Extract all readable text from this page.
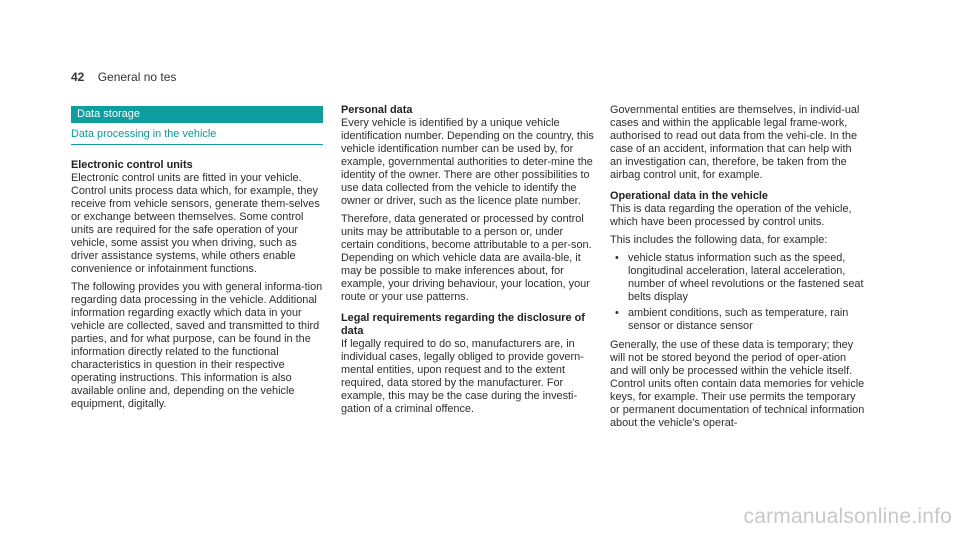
42 General no tes
Data storage
Data processing in the vehicle

Electronic control units

Electronic control units are fitted in your vehicle. Control units process data which, for example, they receive from vehicle sensors, generate them-selves or exchange between themselves. Some control units are required for the safe operation of your vehicle, some assist you when driving, such as driver assistance systems, while others enable convenience or infotainment functions.

The following provides you with general informa-tion regarding data processing in the vehicle. Additional information regarding exactly which data in your vehicle are collected, saved and transmitted to third parties, and for what purpose, can be found in the information directly related to the functional characteristics in question in their respective operating instructions. This information is also available online and, depending on the vehicle equipment, digitally.

Personal data

Every vehicle is identified by a unique vehicle identification number. Depending on the country, this vehicle identification number can be used by, for example, governmental authorities to deter-mine the identity of the owner. There are other possibilities to use data collected from the vehicle to identify the owner or driver, such as the licence plate number.

Therefore, data generated or processed by control units may be attributable to a person or, under certain conditions, become attributable to a per-son. Depending on which vehicle data are availa-ble, it may be possible to make inferences about, for example, your driving behaviour, your location, your route or your use patterns.

Legal requirements regarding the disclosure of data

If legally required to do so, manufacturers are, in individual cases, legally obliged to provide govern-mental entities, upon request and to the extent required, data stored by the manufacturer. For example, this may be the case during the investi-gation of a criminal offence.

Governmental entities are themselves, in individ-ual cases and within the applicable legal frame-work, authorised to read out data from the vehi-cle. In the case of an accident, information that can help with an investigation can, therefore, be taken from the airbag control unit, for example.

Operational data in the vehicle

This is data regarding the operation of the vehicle, which have been processed by control units.

This includes the following data, for example:

• vehicle status information such as the speed, longitudinal acceleration, lateral acceleration, number of wheel revolutions or the fastened seat belts display
• ambient conditions, such as temperature, rain sensor or distance sensor

Generally, the use of these data is temporary; they will not be stored beyond the period of oper-ation and will only be processed within the vehicle itself. Control units often contain data memories for vehicle keys, for example. Their use permits the temporary or permanent documentation of technical information about the vehicle's operat-

carmanualsonline.info
